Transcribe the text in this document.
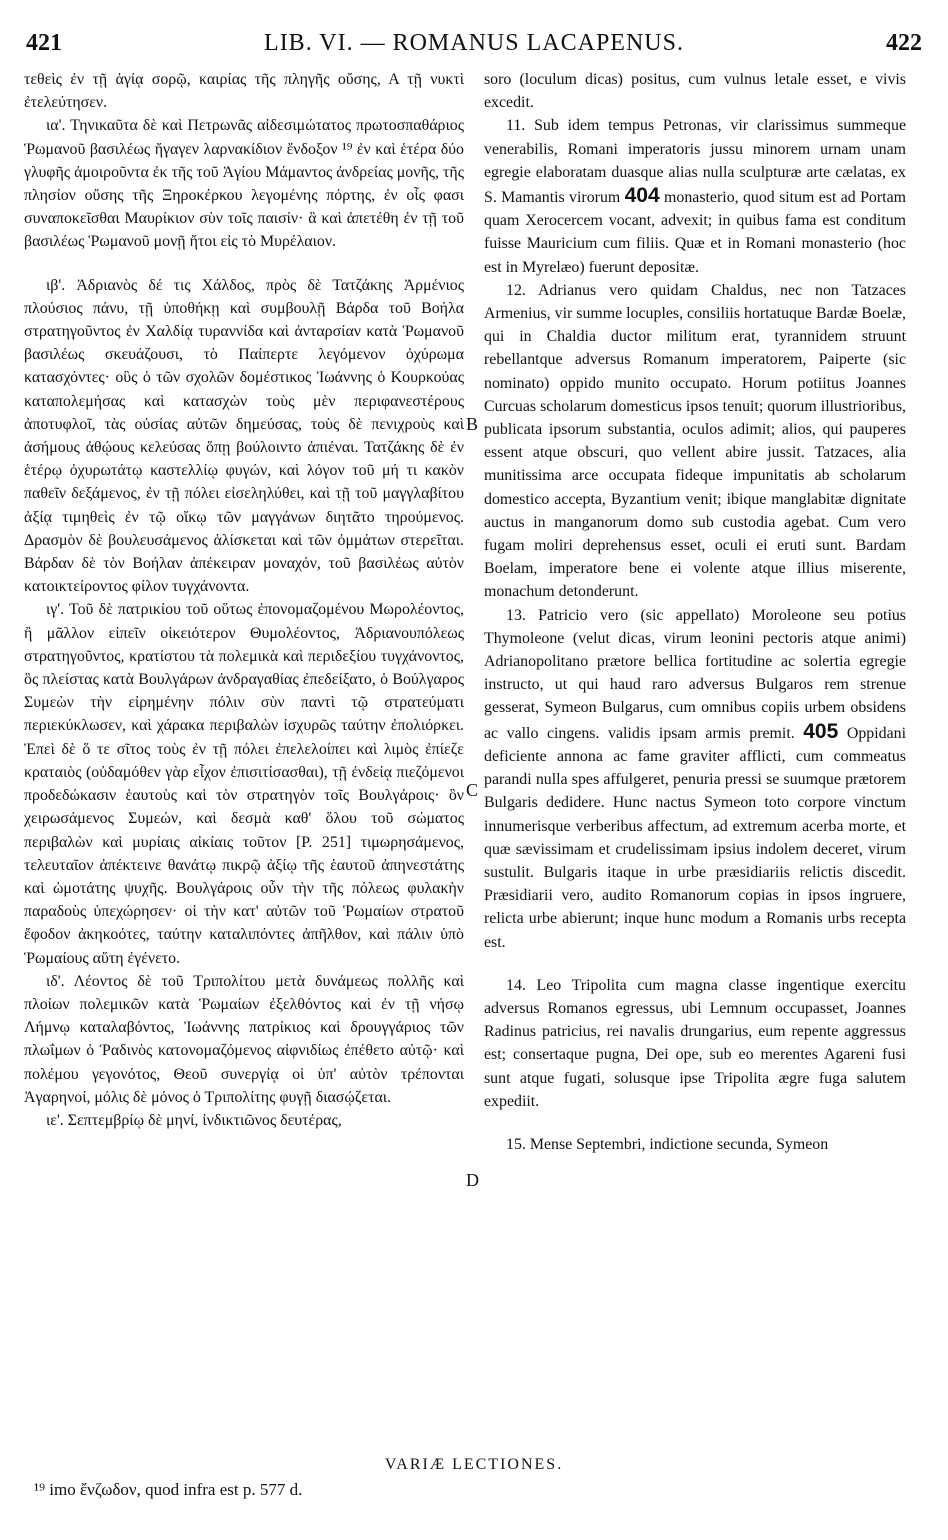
421	LIB. VI. — ROMANUS LACAPENUS.	422

τεθεὶς ἐν τῇ ἁγίᾳ σορῷ, καιρίας τῆς πληγῆς οὔσης, Α τῇ νυκτὶ ἐτελεύτησεν.

ια'. Τηνικαῦτα δὲ καὶ Πετρωνᾶς αἰδεσιμώτατος πρωτοσπαθάριος Ῥωμανοῦ βασιλέως ἤγαγεν λαρνακίδιον ἔνδοξον ¹⁹ ἐν καὶ ἑτέρα δύο γλυφῆς ἀμοιροῦντα ἐκ τῆς τοῦ Ἁγίου Μάμαντος ἀνδρείας μονῆς, τῆς πλησίον οὔσης τῆς Ξηροκέρκου λεγομένης πόρτης, ἐν οἷς φασι συναποκεῖσθαι Μαυρίκιον σὺν τοῖς παισίν· ἃ καὶ ἀπετέθη ἐν τῇ τοῦ βασιλέως Ῥωμανοῦ μονῇ ἤτοι εἰς τὸ Μυρέλαιον.

ιβ'. Ἀδριανὸς δέ τις Χάλδος, πρὸς δὲ Τατζάκης Ἀρμένιος πλούσιος πάνυ, τῇ ὑποθήκῃ καὶ συμβουλῇ Βάρδα τοῦ Βοήλα στρατηγοῦντος ἐν Χαλδίᾳ τυραννίδα καὶ ἀνταρσίαν κατὰ Ῥωμανοῦ βασιλέως σκευάζουσι, τὸ Παίπερτε λεγόμενον ὀχύρωμα κατασχόντες· οὓς ὁ τῶν σχολῶν δομέστικος Ἰωάννης ὁ Κουρκούας καταπολεμήσας καὶ κατασχὼν τοὺς μὲν περιφανεστέρους ἀποτυφλοῖ, τὰς οὐσίας αὐτῶν δημεύσας, τοὺς δὲ πενιχροὺς καὶ ἀσήμους ἀθῴους κελεύσας ὅπῃ βούλοιντο ἀπιέναι. Τατζάκης δὲ ἐν ἑτέρῳ ὀχυρωτάτῳ καστελλίῳ φυγών, καὶ λόγον τοῦ μή τι κακὸν παθεῖν δεξάμενος, ἐν τῇ πόλει εἰσεληλύθει, καὶ τῇ τοῦ μαγγλαβίτου ἀξίᾳ τιμηθεὶς ἐν τῷ οἴκῳ τῶν μαγγάνων διητᾶτο τηρούμενος. Δρασμὸν δὲ βουλευσάμενος ἁλίσκεται καὶ τῶν ὀμμάτων στερεῖται. Βάρδαν δὲ τὸν Βοήλαν ἀπέκειραν μοναχόν, τοῦ βασιλέως αὐτὸν κατοικτείροντος φίλον τυγχάνοντα.

ιγ'. Τοῦ δὲ πατρικίου τοῦ οὕτως ἐπονομαζομένου Μωρολέοντος, ἢ μᾶλλον εἰπεῖν οἰκειότερον Θυμολέοντος, Ἀδριανουπόλεως στρατηγοῦντος, κρατίστου τὰ πολεμικὰ καὶ περιδεξίου τυγχάνοντος, ὃς πλείστας κατὰ Βουλγάρων ἀνδραγαθίας ἐπεδείξατο, ὁ Βούλγαρος Συμεὼν τὴν εἰρημένην πόλιν σὺν παντὶ τῷ στρατεύματι περιεκύκλωσεν, καὶ χάρακα περιβαλὼν ἰσχυρῶς ταύτην ἐπολιόρκει. Ἐπεὶ δὲ ὅ τε σῖτος τοὺς ἐν τῇ πόλει ἐπελελοίπει καὶ λιμὸς ἐπίεζε κραταιὸς (οὐδαμόθεν γὰρ εἶχον ἐπισιτίσασθαι), τῇ ἐνδείᾳ πιεζόμενοι προδεδώκασιν ἑαυτοὺς καὶ τὸν στρατηγὸν τοῖς Βουλγάροις· ὃν χειρωσάμενος Συμεών, καὶ δεσμὰ καθ' ὅλου τοῦ σώματος περιβαλὼν καὶ μυρίαις αἰκίαις τοῦτον [P. 251] τιμωρησάμενος, τελευταῖον ἀπέκτεινε θανάτῳ πικρῷ ἀξίῳ τῆς ἑαυτοῦ ἀπηνεστάτης καὶ ὠμοτάτης ψυχῆς. Βουλγάροις οὖν τὴν τῆς πόλεως φυλακὴν παραδοὺς ὑπεχώρησεν· οἱ τὴν κατ' αὐτῶν τοῦ Ῥωμαίων στρατοῦ ἔφοδον ἀκηκοότες, ταύτην καταλιπόντες ἀπῆλθον, καὶ πάλιν ὑπὸ Ῥωμαίους αὕτη ἐγένετο.

ιδ'. Λέοντος δὲ τοῦ Τριπολίτου μετὰ δυνάμεως πολλῆς καὶ πλοίων πολεμικῶν κατὰ Ῥωμαίων ἐξελθόντος καὶ ἐν τῇ νήσῳ Λήμνῳ καταλαβόντος, Ἰωάννης πατρίκιος καὶ δρουγγάριος τῶν πλωΐμων ὁ Ῥαδινὸς κατονομαζόμενος αἰφνιδίως ἐπέθετο αὐτῷ· καὶ πολέμου γεγονότος, Θεοῦ συνεργίᾳ οἱ ὑπ' αὐτὸν τρέπονται Ἀγαρηνοί, μόλις δὲ μόνος ὁ Τριπολίτης φυγῇ διασῴζεται.

ιε'. Σεπτεμβρίῳ δὲ μηνί, ἰνδικτιῶνος δευτέρας,

B
C
D

soro (loculum dicas) positus, cum vulnus letale esset, e vivis excedit.

11. Sub idem tempus Petronas, vir clarissimus summeque venerabilis, Romani imperatoris jussu minorem urnam unam egregie elaboratam duasque alias nulla sculpturæ arte cælatas, ex S. Mamantis virorum 404 monasterio, quod situm est ad Portam quam Xerocercem vocant, advexit; in quibus fama est conditum fuisse Mauricium cum filiis. Quæ et in Romani monasterio (hoc est in Myrelæo) fuerunt depositæ.

12. Adrianus vero quidam Chaldus, nec non Tatzaces Armenius, vir summe locuples, consiliis hortatuque Bardæ Boelæ, qui in Chaldia ductor militum erat, tyrannidem struunt rebellantque adversus Romanum imperatorem, Paiperte (sic nominato) oppido munito occupato. Horum potiitus Joannes Curcuas scholarum domesticus ipsos tenuit; quorum illustrioribus, publicata ipsorum substantia, oculos adimit; alios, qui pauperes essent atque obscuri, quo vellent abire jussit. Tatzaces, alia munitissima arce occupata fideque impunitatis ab scholarum domestico accepta, Byzantium venit; ibique manglabitæ dignitate auctus in manganorum domo sub custodia agebat. Cum vero fugam moliri deprehensus esset, oculi ei eruti sunt. Bardam Boelam, imperatore bene ei volente atque illius miserente, monachum detonderunt.

13. Patricio vero (sic appellato) Moroleone seu potius Thymoleone (velut dicas, virum leonini pectoris atque animi) Adrianopolitano prætore bellica fortitudine ac solertia egregie instructo, ut qui haud raro adversus Bulgaros rem strenue gesserat, Symeon Bulgarus, cum omnibus copiis urbem obsidens ac vallo cingens. validis ipsam armis premit. 405 Oppidani deficiente annona ac fame graviter afflicti, cum commeatus parandi nulla spes affulgeret, penuria pressi se suumque prætorem Bulgaris dedidere. Hunc nactus Symeon toto corpore vinctum innumerisque verberibus affectum, ad extremum acerba morte, et quæ sævissimam et crudelissimam ipsius indolem deceret, virum sustulit. Bulgaris itaque in urbe præsidiariis relictis discedit. Præsidiarii vero, audito Romanorum copias in ipsos ingruere, relicta urbe abierunt; inque hunc modum a Romanis urbs recepta est.

14. Leo Tripolita cum magna classe ingentique exercitu adversus Romanos egressus, ubi Lemnum occupasset, Joannes Radinus patricius, rei navalis drungarius, eum repente aggressus est; consertaque pugna, Dei ope, sub eo merentes Agareni fusi sunt atque fugati, solusque ipse Tripolita ægre fuga salutem expediit.

15. Mense Septembri, indictione secunda, Symeon

VARIÆ LECTIONES.
¹⁹ imo ἔνζωδον, quod infra est p. 577 d.
